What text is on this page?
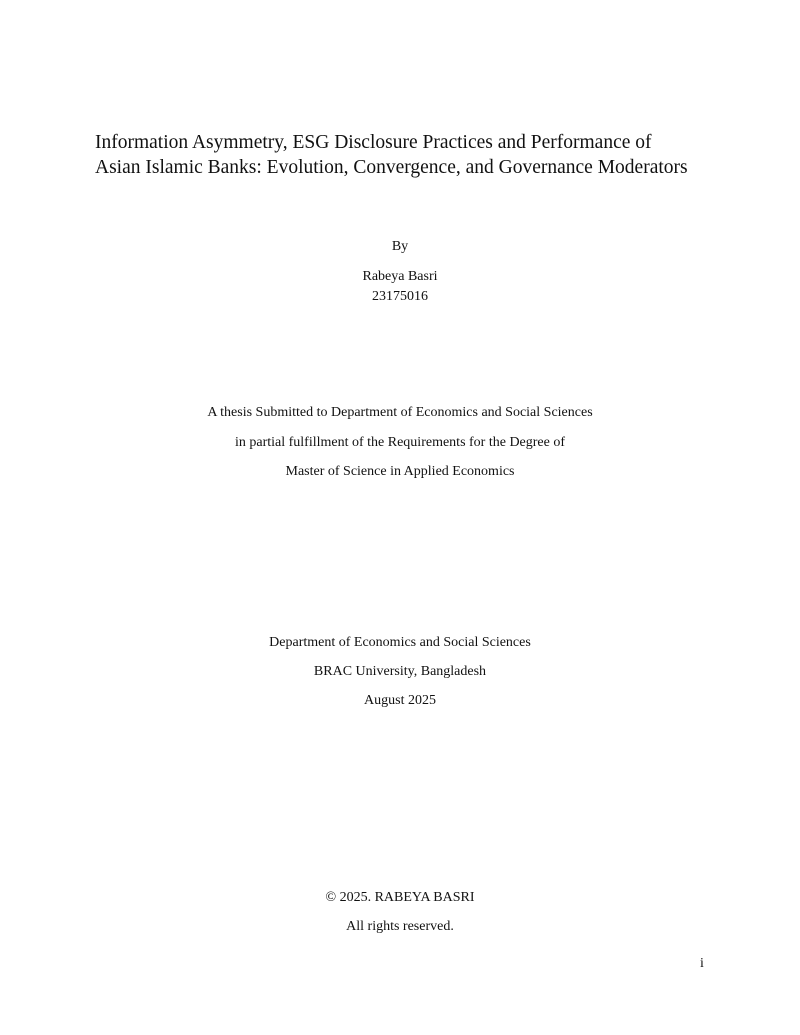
Information Asymmetry, ESG Disclosure Practices and Performance of
Asian Islamic Banks: Evolution, Convergence, and Governance Moderators
By
Rabeya Basri
23175016
A thesis Submitted to Department of Economics and Social Sciences
in partial fulfillment of the Requirements for the Degree of
Master of Science in Applied Economics
Department of Economics and Social Sciences
BRAC University, Bangladesh
August 2025
© 2025. RABEYA BASRI
All rights reserved.
i
